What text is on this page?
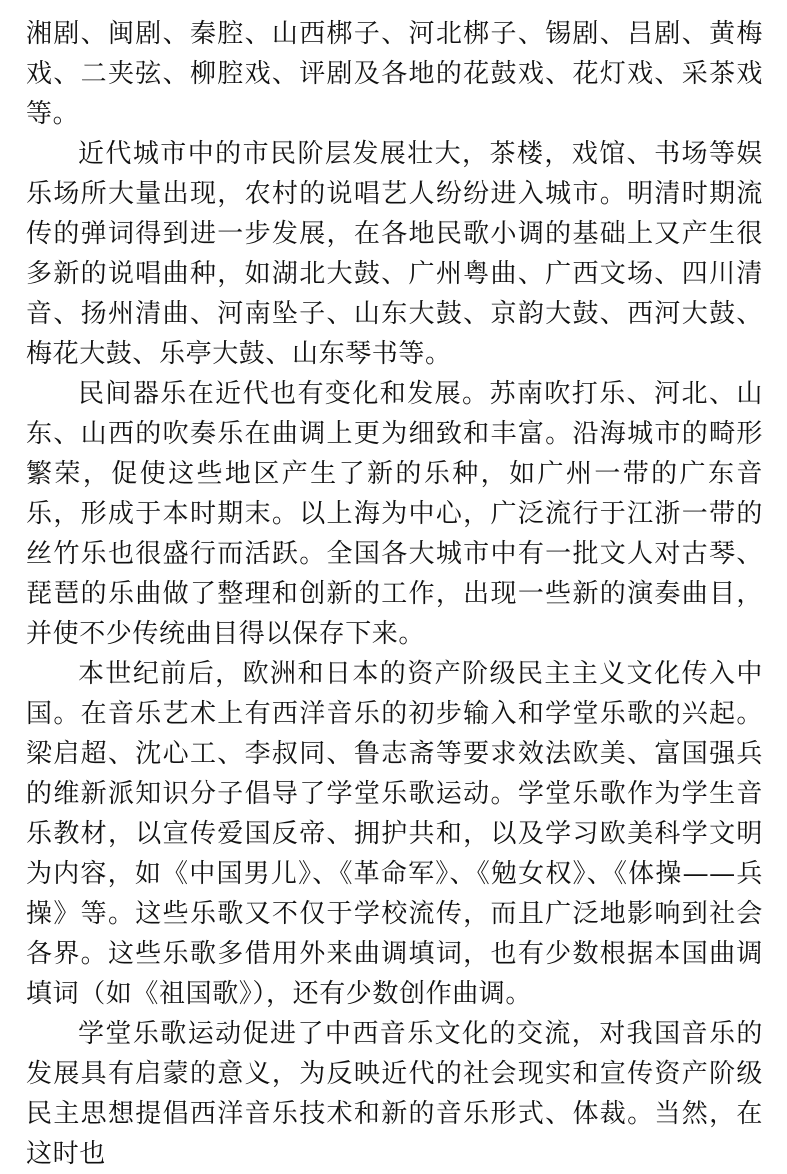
湘剧、闽剧、秦腔、山西梆子、河北梆子、锡剧、吕剧、黄梅戏、二夹弦、柳腔戏、评剧及各地的花鼓戏、花灯戏、采茶戏等。

近代城市中的市民阶层发展壮大，茶楼，戏馆、书场等娱乐场所大量出现，农村的说唱艺人纷纷进入城市。明清时期流传的弹词得到进一步发展，在各地民歌小调的基础上又产生很多新的说唱曲种，如湖北大鼓、广州粤曲、广西文场、四川清音、扬州清曲、河南坠子、山东大鼓、京韵大鼓、西河大鼓、梅花大鼓、乐亭大鼓、山东琴书等。

民间器乐在近代也有变化和发展。苏南吹打乐、河北、山东、山西的吹奏乐在曲调上更为细致和丰富。沿海城市的畸形繁荣，促使这些地区产生了新的乐种，如广州一带的广东音乐，形成于本时期末。以上海为中心，广泛流行于江浙一带的丝竹乐也很盛行而活跃。全国各大城市中有一批文人对古琴、琵琶的乐曲做了整理和创新的工作，出现一些新的演奏曲目，并使不少传统曲目得以保存下来。

本世纪前后，欧洲和日本的资产阶级民主主义文化传入中国。在音乐艺术上有西洋音乐的初步输入和学堂乐歌的兴起。梁启超、沈心工、李叔同、鲁志斋等要求效法欧美、富国强兵的维新派知识分子倡导了学堂乐歌运动。学堂乐歌作为学生音乐教材，以宣传爱国反帝、拥护共和，以及学习欧美科学文明为内容，如《中国男儿》、《革命军》、《勉女权》、《体操——兵操》等。这些乐歌又不仅于学校流传，而且广泛地影响到社会各界。这些乐歌多借用外来曲调填词，也有少数根据本国曲调填词（如《祖国歌》），还有少数创作曲调。

学堂乐歌运动促进了中西音乐文化的交流，对我国音乐的发展具有启蒙的意义，为反映近代的社会现实和宣传资产阶级民主思想提倡西洋音乐技术和新的音乐形式、体裁。当然，在这时也
